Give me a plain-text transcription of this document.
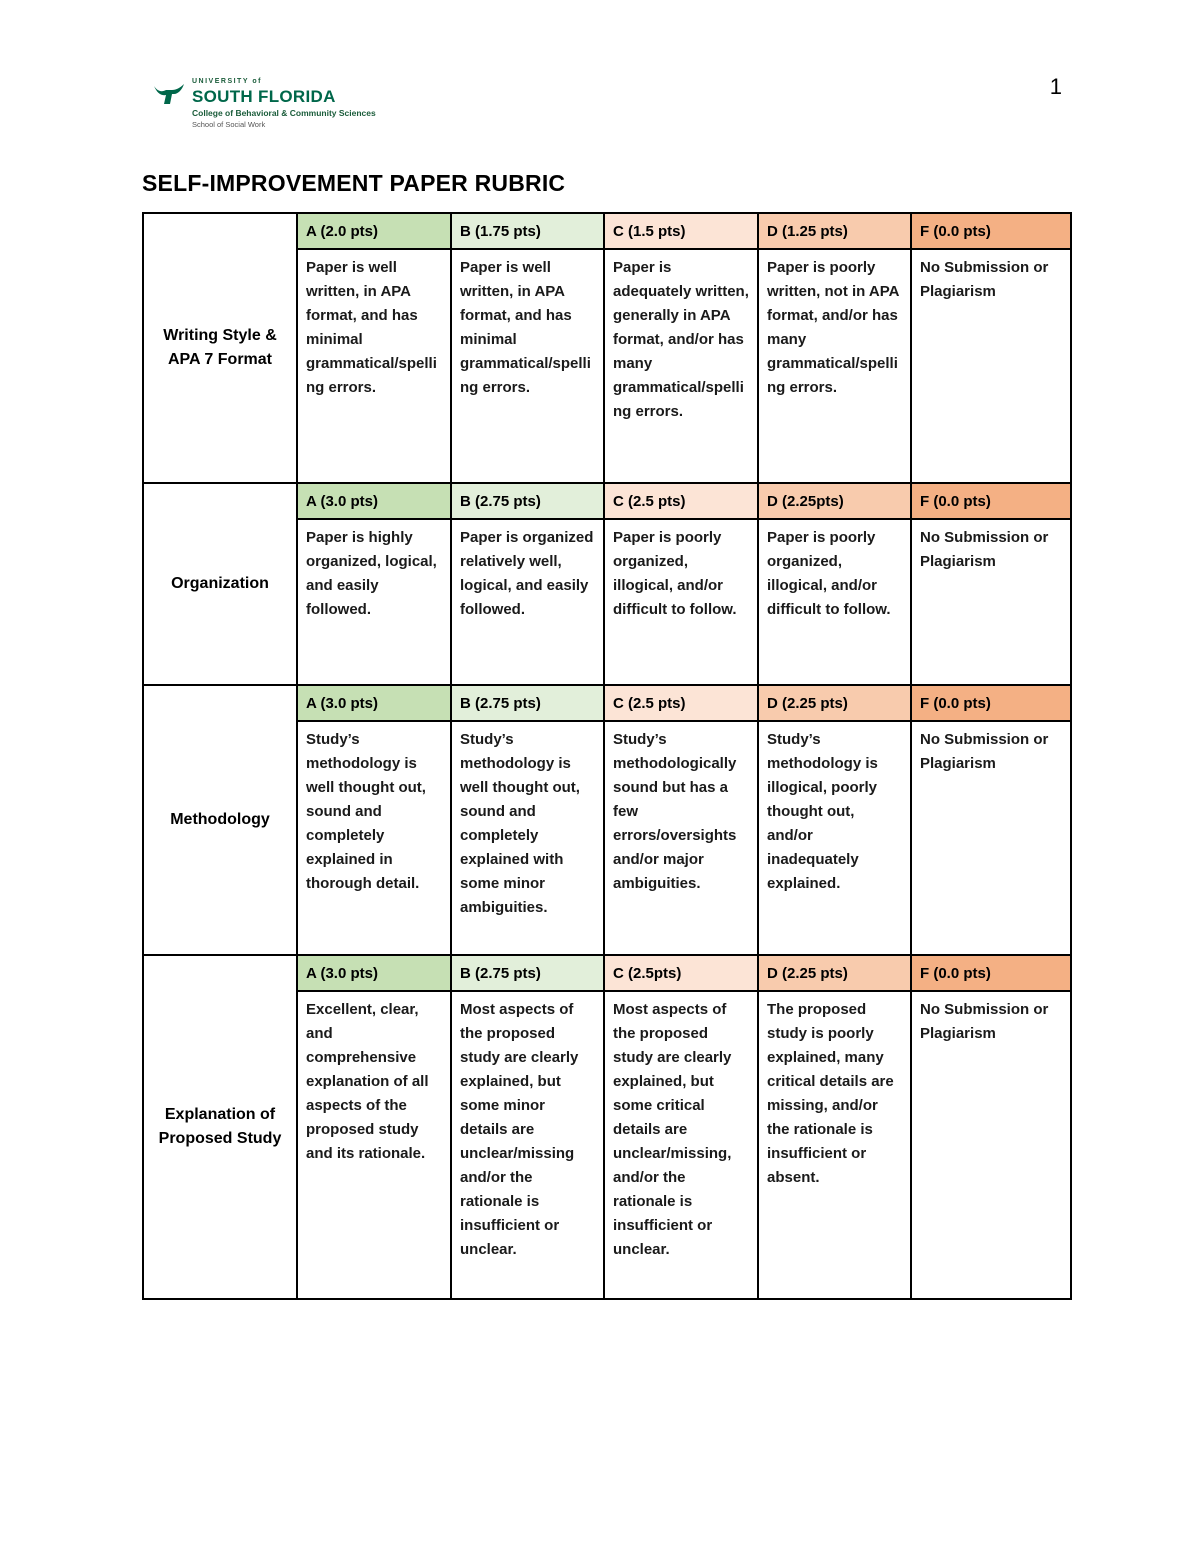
1
UNIVERSITY of
SOUTH FLORIDA
College of Behavioral & Community Sciences
School of Social Work
SELF-IMPROVEMENT PAPER RUBRIC
Writing Style & APA 7 Format	A (2.0 pts)	B (1.75 pts)	C (1.5 pts)	D (1.25 pts)	F (0.0 pts)
	Paper is well written, in APA format, and has minimal grammatical/spelling errors.	Paper is well written, in APA format, and has minimal grammatical/spelling errors.	Paper is adequately written, generally in APA format, and/or has many grammatical/spelling errors.	Paper is poorly written, not in APA format, and/or has many grammatical/spelling errors.	No Submission or Plagiarism
Organization	A (3.0 pts)	B (2.75 pts)	C (2.5 pts)	D (2.25pts)	F (0.0 pts)
	Paper is highly organized, logical, and easily followed.	Paper is organized relatively well, logical, and easily followed.	Paper is poorly organized, illogical, and/or difficult to follow.	Paper is poorly organized, illogical, and/or difficult to follow.	No Submission or Plagiarism
Methodology	A (3.0 pts)	B (2.75 pts)	C (2.5 pts)	D (2.25 pts)	F (0.0 pts)
	Study’s methodology is well thought out, sound and completely explained in thorough detail.	Study’s methodology is well thought out, sound and completely explained with some minor ambiguities.	Study’s methodologically sound but has a few errors/oversights and/or major ambiguities.	Study’s methodology is illogical, poorly thought out, and/or inadequately explained.	No Submission or Plagiarism
Explanation of Proposed Study	A (3.0 pts)	B (2.75 pts)	C (2.5pts)	D (2.25 pts)	F (0.0 pts)
	Excellent, clear, and comprehensive explanation of all aspects of the proposed study and its rationale.	Most aspects of the proposed study are clearly explained, but some minor details are unclear/missing and/or the rationale is insufficient or unclear.	Most aspects of the proposed study are clearly explained, but some critical details are unclear/missing, and/or the rationale is insufficient or unclear.	The proposed study is poorly explained, many critical details are missing, and/or the rationale is insufficient or absent.	No Submission or Plagiarism
